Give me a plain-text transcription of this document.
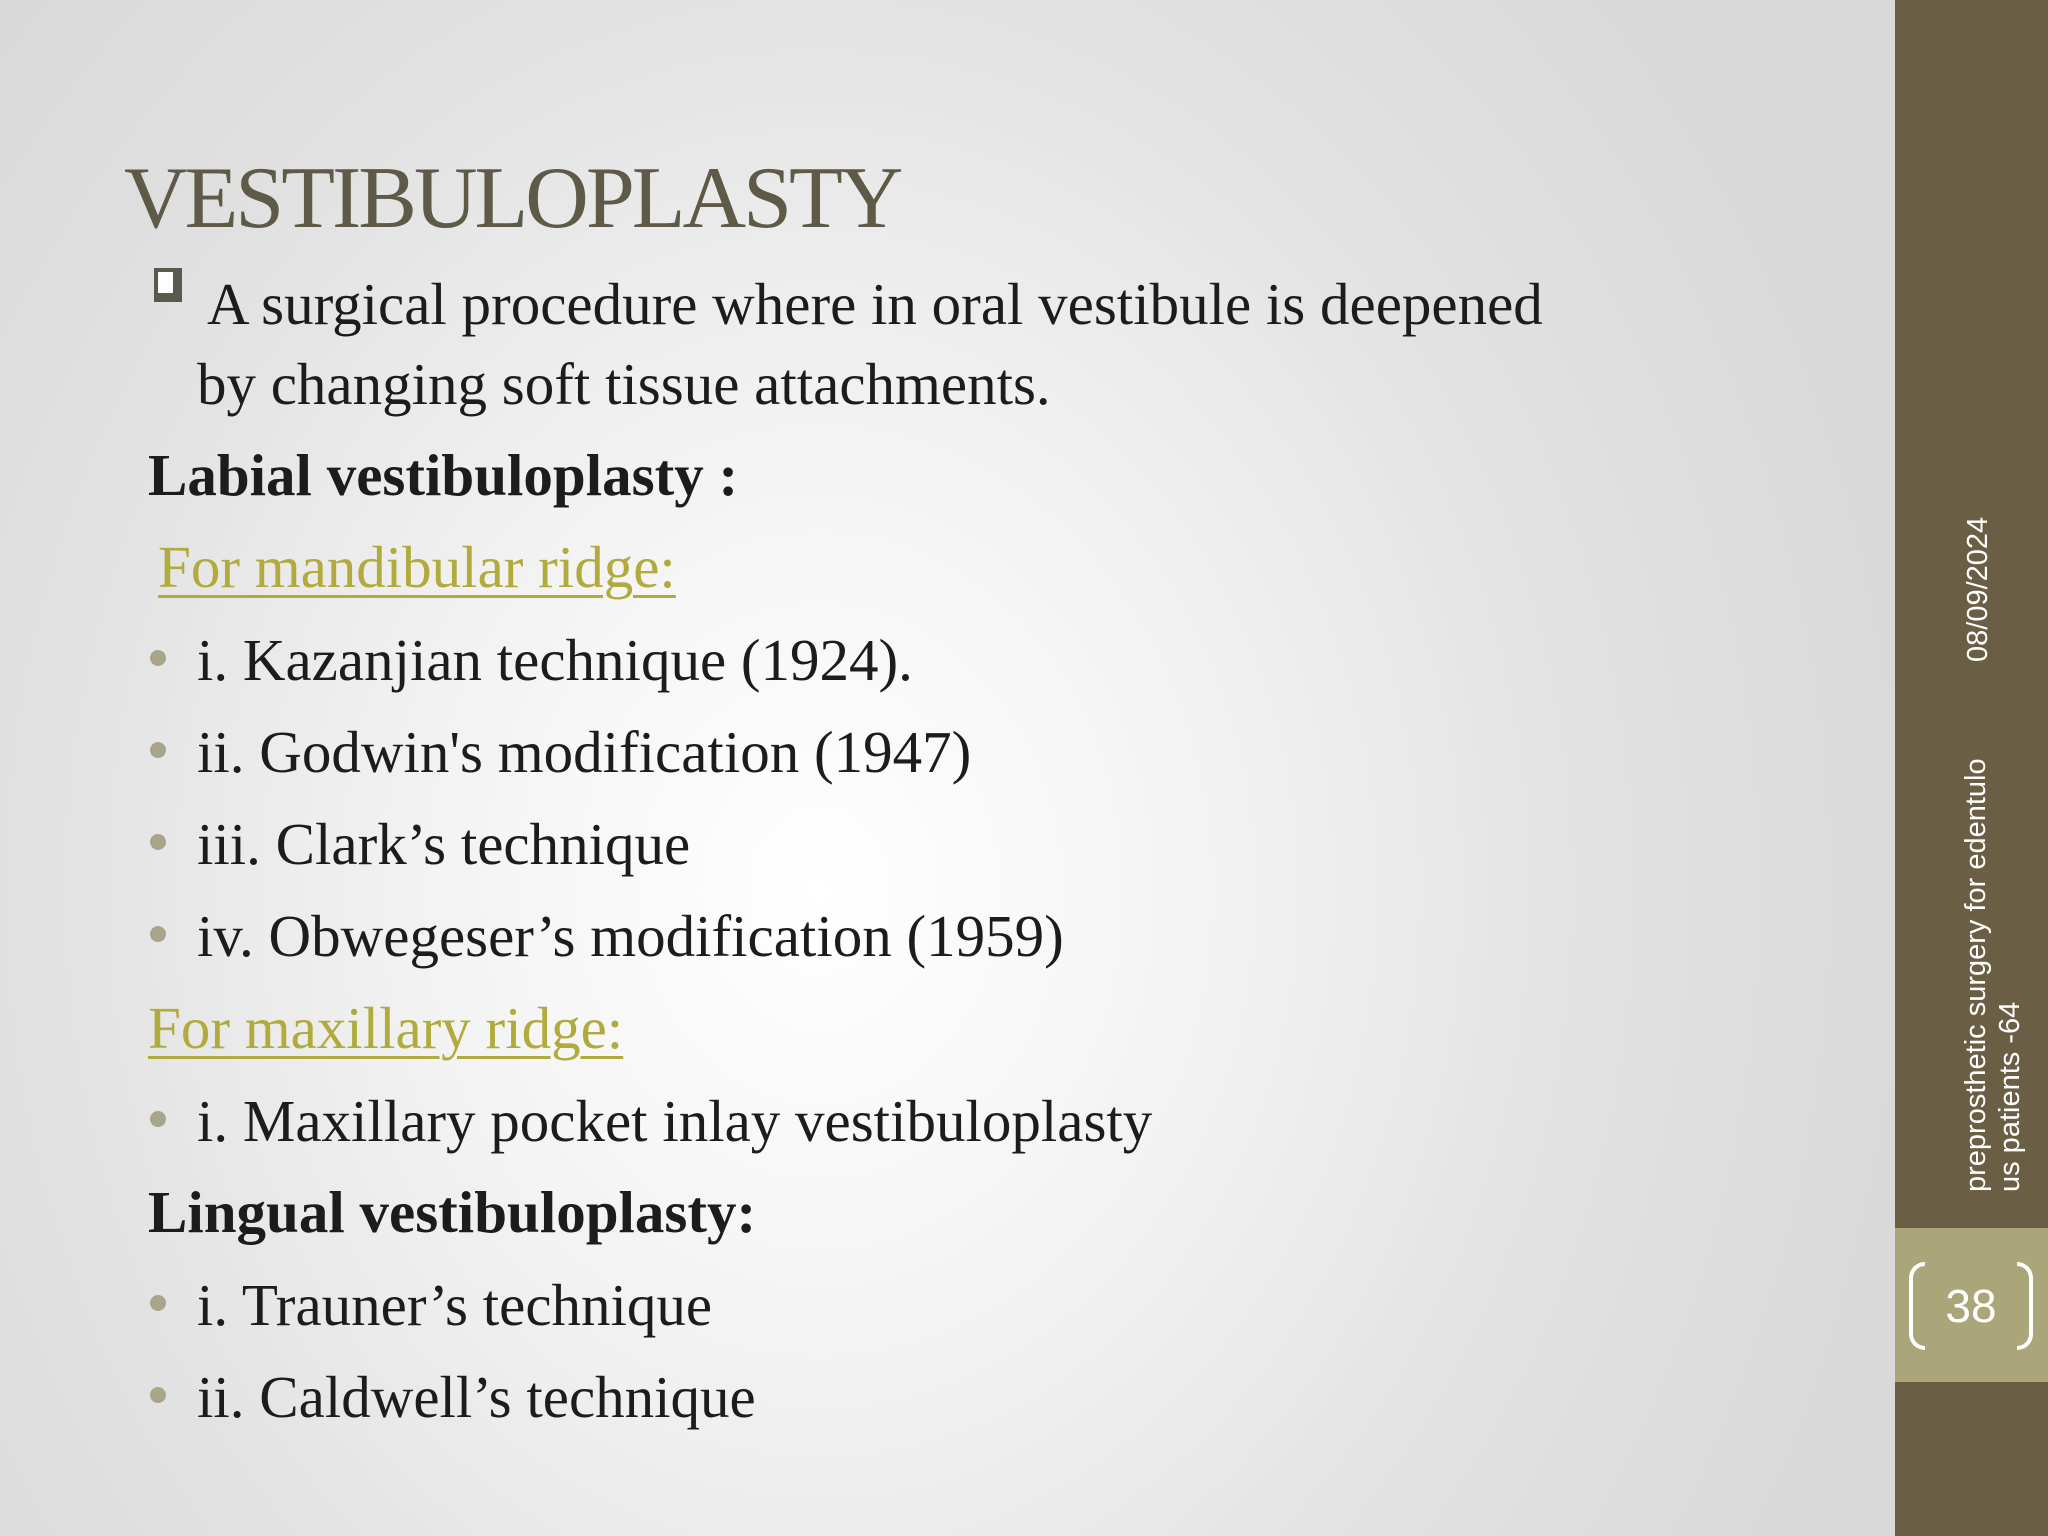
VESTIBULOPLASTY
A surgical procedure where in oral vestibule is deepened
by changing soft tissue attachments.
Labial vestibuloplasty :
For mandibular ridge:
i. Kazanjian technique (1924).
ii. Godwin's modification (1947)
iii. Clark’s technique
iv. Obwegeser’s modification (1959)
For maxillary ridge:
i. Maxillary pocket inlay vestibuloplasty
Lingual vestibuloplasty:
i. Trauner’s technique
ii. Caldwell’s technique
38
08/09/2024
preprosthetic surgery for edentulo us patients -64
